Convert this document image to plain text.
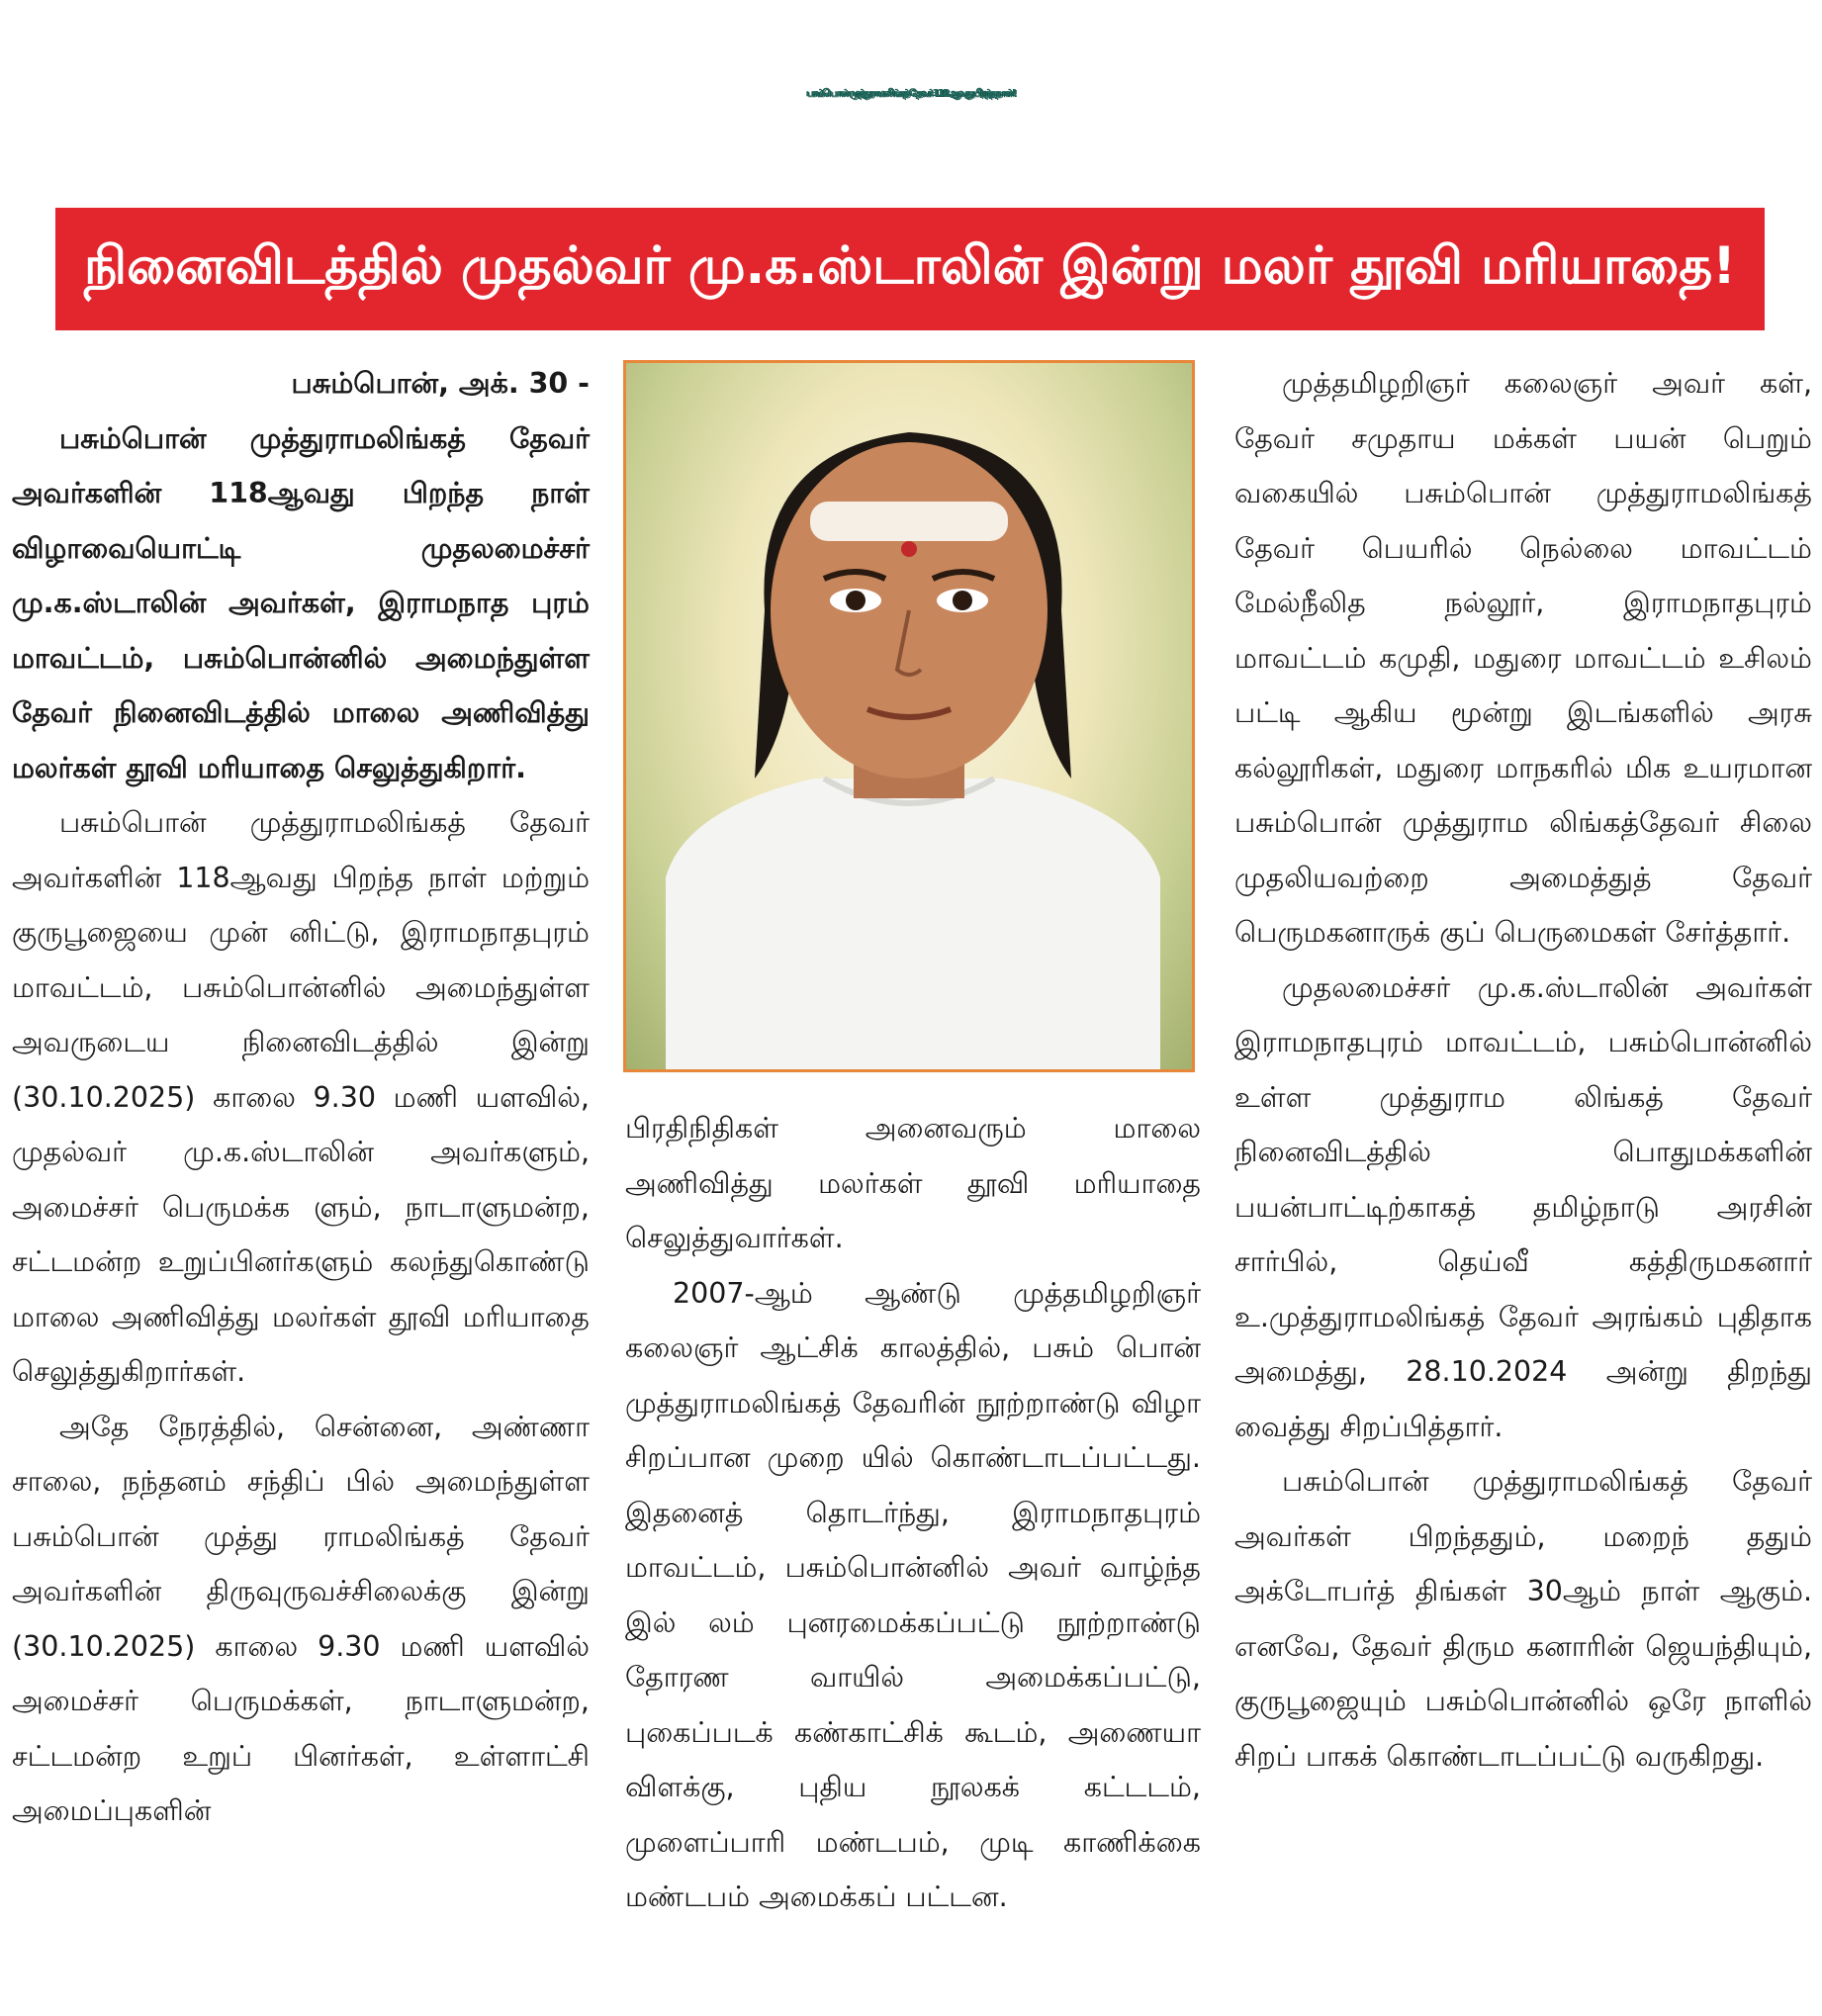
பசும்பொன் முத்துராமலிங்கத் தேவர் 118ஆவது பிறந்த நாள்!
நினைவிடத்தில் முதல்வர் மு.க.ஸ்டாலின் இன்று மலர் தூவி மரியாதை!

பசும்பொன், அக். 30 -

பசும்பொன் முத்துராமலிங்கத் தேவர் அவர்களின் 118ஆவது பிறந்த நாள் விழாவையொட்டி முதலமைச்சர் மு.க.ஸ்டாலின் அவர்கள், இராமநாத புரம் மாவட்டம், பசும்பொன்னில் அமைந்துள்ள தேவர் நினைவிடத்தில் மாலை அணிவித்து மலர்கள் தூவி மரியாதை செலுத்துகிறார்.

பசும்பொன் முத்துராமலிங்கத் தேவர் அவர்களின் 118ஆவது பிறந்த நாள் மற்றும் குருபூஜையை முன் னிட்டு, இராமநாதபுரம் மாவட்டம், பசும்பொன்னில் அமைந்துள்ள அவருடைய நினைவிடத்தில் இன்று (30.10.2025) காலை 9.30 மணி யளவில், முதல்வர் மு.க.ஸ்டாலின் அவர்களும், அமைச்சர் பெருமக்க ளும், நாடாளுமன்ற, சட்டமன்ற உறுப்பினர்களும் கலந்துகொண்டு மாலை அணிவித்து மலர்கள் தூவி மரியாதை செலுத்துகிறார்கள்.

அதே நேரத்தில், சென்னை, அண்ணா சாலை, நந்தனம் சந்திப் பில் அமைந்துள்ள பசும்பொன் முத்து ராமலிங்கத் தேவர் அவர்களின் திருவுருவச்சிலைக்கு இன்று (30.10.2025) காலை 9.30 மணி யளவில் அமைச்சர் பெருமக்கள், நாடாளுமன்ற, சட்டமன்ற உறுப் பினர்கள், உள்ளாட்சி அமைப்புகளின்

பிரதிநிதிகள் அனைவரும் மாலை அணிவித்து மலர்கள் தூவி மரியாதை செலுத்துவார்கள்.

2007-ஆம் ஆண்டு முத்தமிழறிஞர் கலைஞர் ஆட்சிக் காலத்தில், பசும் பொன் முத்துராமலிங்கத் தேவரின் நூற்றாண்டு விழா சிறப்பான முறை யில் கொண்டாடப்பட்டது. இதனைத் தொடர்ந்து, இராமநாதபுரம் மாவட்டம், பசும்பொன்னில் அவர் வாழ்ந்த இல் லம் புனரமைக்கப்பட்டு நூற்றாண்டு தோரண வாயில் அமைக்கப்பட்டு, புகைப்படக் கண்காட்சிக் கூடம், அணையா விளக்கு, புதிய நூலகக் கட்டடம், முளைப்பாரி மண்டபம், முடி காணிக்கை மண்டபம் அமைக்கப் பட்டன.

முத்தமிழறிஞர் கலைஞர் அவர் கள், தேவர் சமுதாய மக்கள் பயன் பெறும் வகையில் பசும்பொன் முத்துராமலிங்கத் தேவர் பெயரில் நெல்லை மாவட்டம் மேல்நீலித நல்லூர், இராமநாதபுரம் மாவட்டம் கமுதி, மதுரை மாவட்டம் உசிலம் பட்டி ஆகிய மூன்று இடங்களில் அரசு கல்லூரிகள், மதுரை மாநகரில் மிக உயரமான பசும்பொன் முத்துராம லிங்கத்தேவர் சிலை முதலியவற்றை அமைத்துத் தேவர் பெருமகனாருக் குப் பெருமைகள் சேர்த்தார்.

முதலமைச்சர் மு.க.ஸ்டாலின் அவர்கள் இராமநாதபுரம் மாவட்டம், பசும்பொன்னில் உள்ள முத்துராம லிங்கத் தேவர் நினைவிடத்தில் பொதுமக்களின் பயன்பாட்டிற்காகத் தமிழ்நாடு அரசின் சார்பில், தெய்வீ கத்திருமகனார் உ.முத்துராமலிங்கத் தேவர் அரங்கம் புதிதாக அமைத்து, 28.10.2024 அன்று திறந்து வைத்து சிறப்பித்தார்.

பசும்பொன் முத்துராமலிங்கத் தேவர் அவர்கள் பிறந்ததும், மறைந் ததும் அக்டோபர்த் திங்கள் 30ஆம் நாள் ஆகும். எனவே, தேவர் திரும கனாரின் ஜெயந்தியும், குருபூஜையும் பசும்பொன்னில் ஒரே நாளில் சிறப் பாகக் கொண்டாடப்பட்டு வருகிறது.
